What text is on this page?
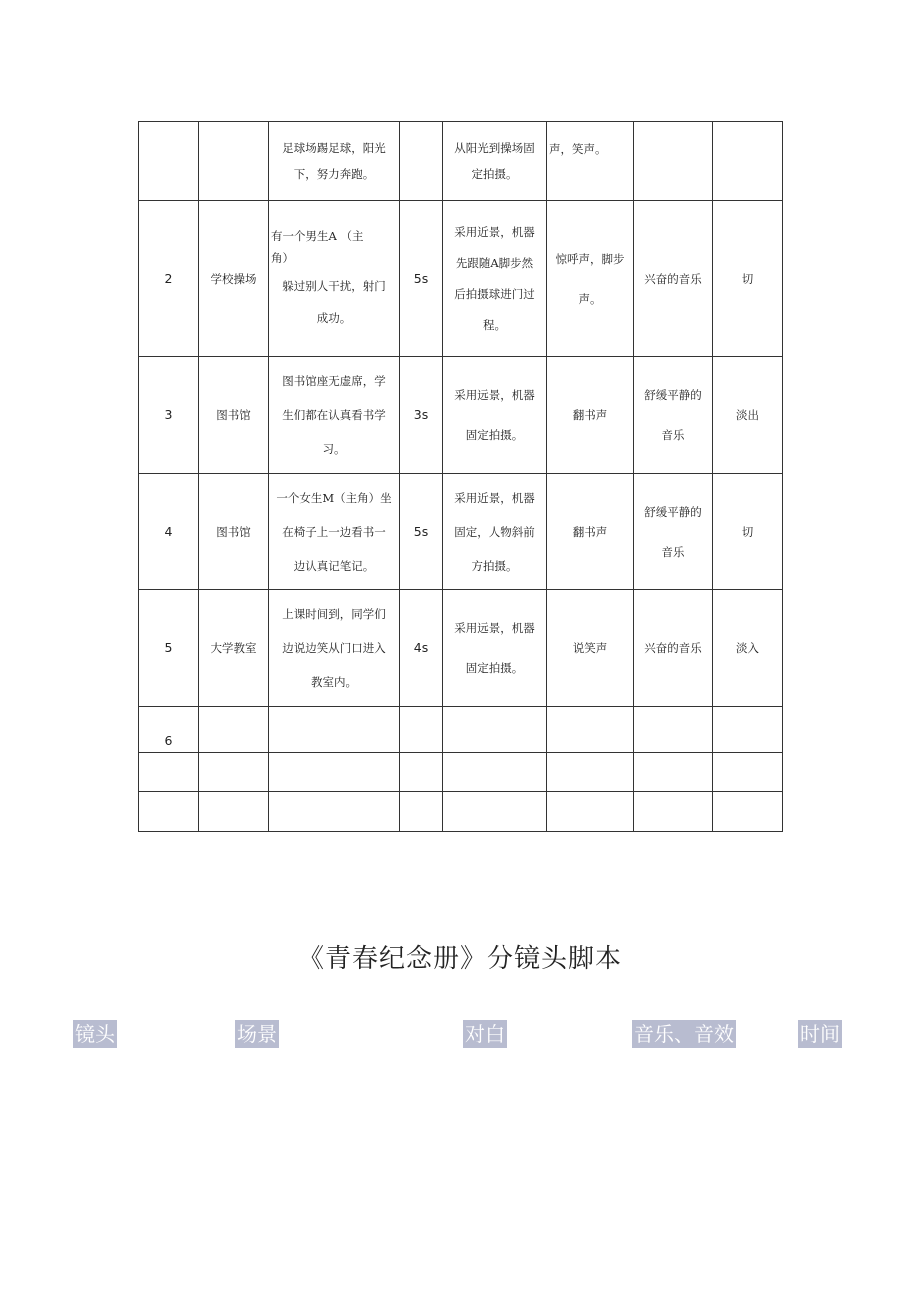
		足球场踢足球，阳光
下，努力奔跑。		从阳光到操场固
定拍摄。	声，笑声。		

2	学校操场	有一个男生A （主
角）
躲过别人干扰，射门
成功。	5s	采用近景，机器
先跟随A脚步然
后拍摄球进门过
程。	惊呼声，脚步
声。	兴奋的音乐	切
3	图书馆	图书馆座无虚席，学
生们都在认真看书学
习。	3s	采用远景，机器
固定拍摄。	翻书声	舒缓平静的
音乐	淡出
4	图书馆	一个女生M（主角）坐
在椅子上一边看书一
边认真记笔记。	5s	采用近景，机器
固定，人物斜前
方拍摄。	翻书声	舒缓平静的
音乐	切
5	大学教室	上课时间到，同学们
边说边笑从门口进入
教室内。	4s	采用远景，机器
固定拍摄。	说笑声	兴奋的音乐	淡入
6							

《青春纪念册》分镜头脚本
镜头	场景	对白	音乐、音效	时间
